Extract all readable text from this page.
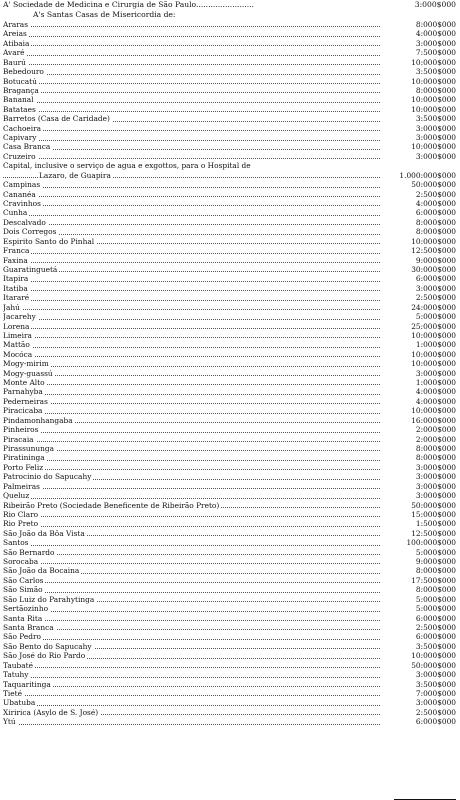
A' Sociedade de Medicina e Cirurgia de São Paulo........................	3:000$000
A's Santas Casas de Misericordia de:
Araras	8:000$000
Areias	4:000$000
Atibaia	3:000$000
Avaré	7:500$000
Baurú	10:000$000
Bebedouro	3:500$000
Botucatú	10:000$000
Bragança	8:000$000
Bananal	10:000$000
Batataes	10:000$000
Barretos (Casa de Caridade)	3:500$000
Cachoeira	3:000$000
Capivary	3:000$000
Casa Branca	10:000$000
Cruzeiro	3:000$000
Capital, inclusive o serviço de agua e exgottos, para o Hospital de
Lazaro, de Guapira	1.000:000$000
Campinas	50:000$000
Cananéa	2:500$000
Cravinhos	4:000$000
Cunha	6:000$000
Descalvado	8:000$000
Dois Corregos	8:000$000
Espirito Santo do Pinhal	10:000$000
Franca	12:500$000
Faxina	9:000$000
Guaratinguetá	30:000$000
Itapira	6:000$000
Itatiba	3:000$000
Itararé	2:500$000
Jahú	24:000$000
Jacarehy	5:000$000
Lorena	25:000$000
Limeira	10:000$000
Mattão	1:000$000
Mocóca	10:000$000
Mogy-mirim	10:000$000
Mogy-guassú	3:000$000
Monte Alto	1:000$000
Parnahyba	4:000$000
Pederneiras	4:000$000
Piracicaba	10:000$000
Pindamonhangaba	16:000$000
Pinheiros	2:000$000
Piracaia	2:000$000
Pirassununga	8:000$000
Piratininga	8:000$000
Porto Feliz	3:000$000
Patrocinio do Sapucahy	3:000$000
Palmeiras	3:000$000
Queluz	3:000$000
Ribeirão Preto (Sociedade Beneficente de Ribeirão Preto)	50:000$000
Rio Claro	15:000$000
Rio Preto	1:500$000
São João da Bôa Vista	12:500$000
Santos	100:000$000
São Bernardo	5:000$000
Sorocaba	9:000$000
São João da Bocaina	8:000$000
São Carlos	17:500$000
São Simão	8:000$000
São Luiz do Parahytinga	5:000$000
Sertãozinho	5:000$000
Santa Rita	6:000$000
Santa Branca	2:500$000
São Pedro	6:000$000
São Bento do Sapucahy	3:500$000
São José do Rio Pardo	10:000$000
Taubaté	50:000$000
Tatuhy	3:000$000
Taquaritinga	3:500$000
Tieté	7:000$000
Ubatuba	3:000$000
Xiririca (Asylo de S. José)	2:500$000
Ytú	6:000$000
